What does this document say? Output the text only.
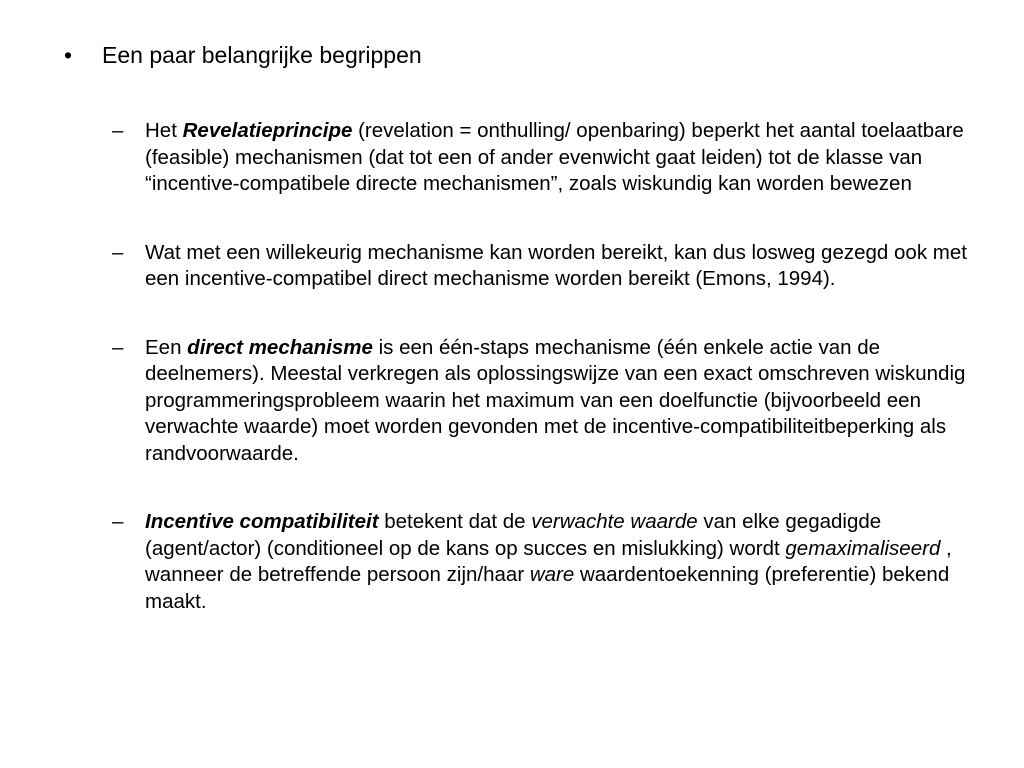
•	Een paar belangrijke begrippen
–	Het Revelatieprincipe (revelation = onthulling/ openbaring) beperkt het aantal toelaatbare (feasible) mechanismen (dat tot een of ander evenwicht gaat leiden) tot de klasse van “incentive-compatibele directe mechanismen”, zoals wiskundig kan worden bewezen
–	Wat met een willekeurig mechanisme kan worden bereikt, kan dus losweg gezegd ook met een incentive-compatibel direct mechanisme worden bereikt (Emons, 1994).
–	Een direct mechanisme is een één-staps mechanisme (één enkele actie van de deelnemers). Meestal verkregen als oplossingswijze van een exact omschreven wiskundig programmeringsprobleem waarin het maximum van een doelfunctie (bijvoorbeeld een verwachte waarde) moet worden gevonden met de incentive-compatibiliteitbeperking als randvoorwaarde.
–	Incentive compatibiliteit betekent dat de verwachte waarde van elke gegadigde (agent/actor) (conditioneel op de kans op succes en mislukking) wordt gemaximaliseerd , wanneer de betreffende persoon zijn/haar ware waardentoekenning (preferentie) bekend maakt.
